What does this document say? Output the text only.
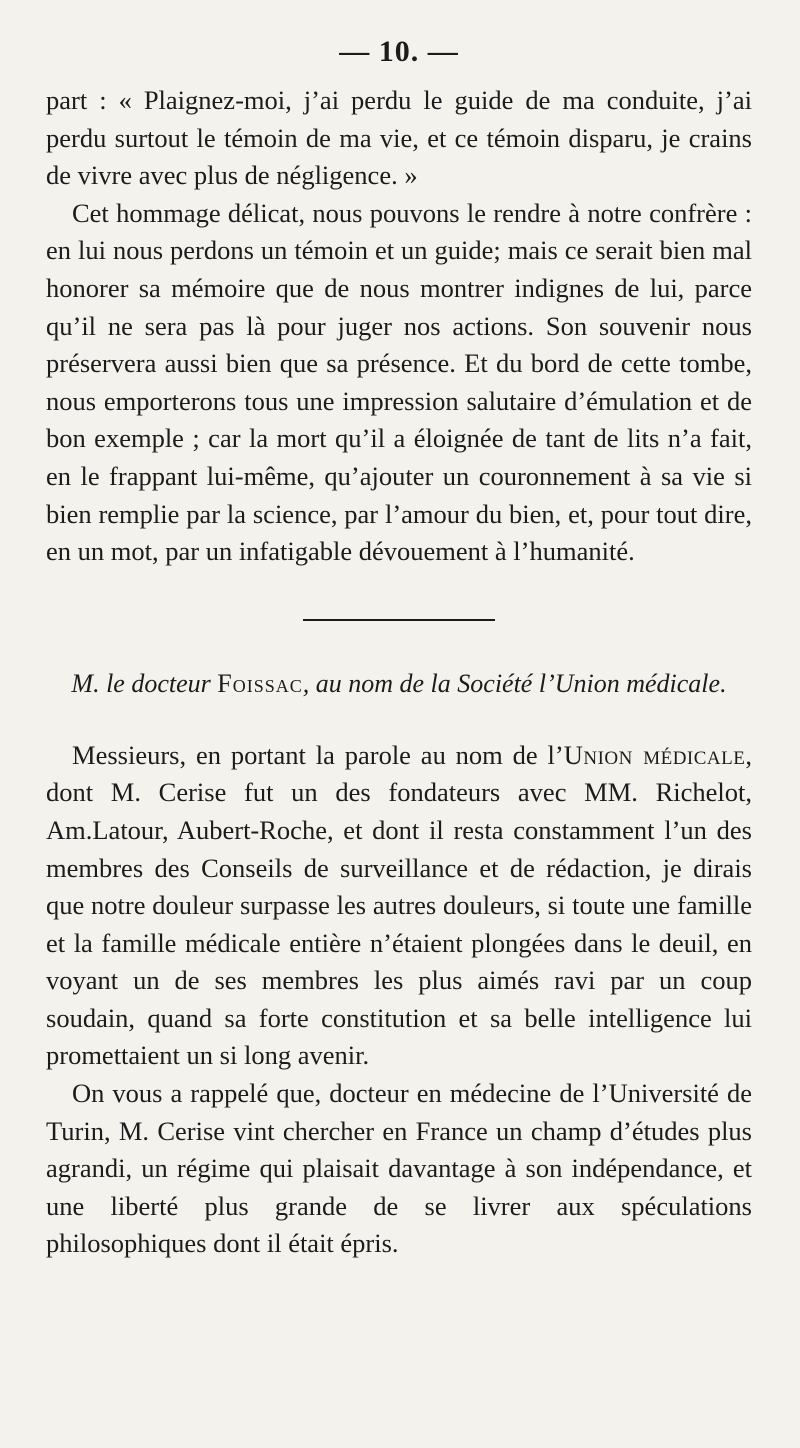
— 10. —

part : « Plaignez-moi, j’ai perdu le guide de ma conduite, j’ai perdu surtout le témoin de ma vie, et ce témoin disparu, je crains de vivre avec plus de négligence. »

Cet hommage délicat, nous pouvons le rendre à notre confrère : en lui nous perdons un témoin et un guide; mais ce serait bien mal honorer sa mémoire que de nous montrer indignes de lui, parce qu’il ne sera pas là pour juger nos actions. Son souvenir nous préservera aussi bien que sa présence. Et du bord de cette tombe, nous emporterons tous une impression salutaire d’émulation et de bon exemple ; car la mort qu’il a éloignée de tant de lits n’a fait, en le frappant lui-même, qu’ajouter un couronnement à sa vie si bien remplie par la science, par l’amour du bien, et, pour tout dire, en un mot, par un infatigable dévouement à l’humanité.

M. le docteur Foissac, au nom de la Société l’Union médicale.

Messieurs, en portant la parole au nom de l’Union médicale, dont M. Cerise fut un des fondateurs avec MM. Richelot, Am.Latour, Aubert-Roche, et dont il resta constamment l’un des membres des Conseils de surveillance et de rédaction, je dirais que notre douleur surpasse les autres douleurs, si toute une famille et la famille médicale entière n’étaient plongées dans le deuil, en voyant un de ses membres les plus aimés ravi par un coup soudain, quand sa forte constitution et sa belle intelligence lui promettaient un si long avenir.

On vous a rappelé que, docteur en médecine de l’Université de Turin, M. Cerise vint chercher en France un champ d’études plus agrandi, un régime qui plaisait davantage à son indépendance, et une liberté plus grande de se livrer aux spéculations philosophiques dont il était épris.
